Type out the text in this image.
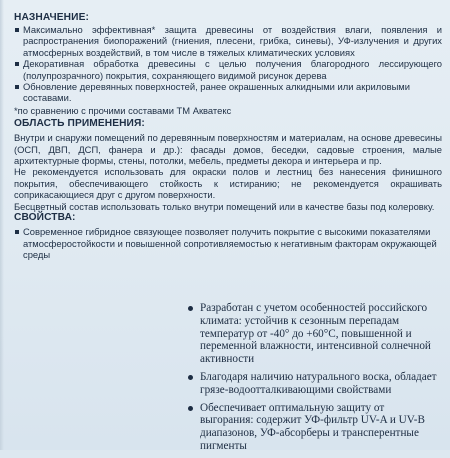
НАЗНАЧЕНИЕ:
Максимально эффективная* защита древесины от воздействия влаги, появления и распространения биопоражений (гниения, плесени, грибка, синевы), УФ-излучения и других атмосферных воздействий, в том числе в тяжелых климатических условиях
Декоративная обработка древесины с целью получения благородного лессирующего (полупрозрачного) покрытия, сохраняющего видимой рисунок дерева
Обновление деревянных поверхностей, ранее окрашенных алкидными или акриловыми составами.
*по сравнению с прочими составами ТМ Акватекс
ОБЛАСТЬ ПРИМЕНЕНИЯ:
Внутри и снаружи помещений по деревянным поверхностям и материалам, на основе древесины (ОСП, ДВП, ДСП, фанера и др.): фасады домов, беседки, садовые строения, малые архитектурные формы, стены, потолки, мебель, предметы декора и интерьера и пр.
Не рекомендуется использовать для окраски полов и лестниц без нанесения финишного покрытия, обеспечивающего стойкость к истиранию; не рекомендуется окрашивать соприкасающиеся друг с другом поверхности.
Бесцветный состав использовать только внутри помещений или в качестве базы под колеровку.
СВОЙСТВА:
Современное гибридное связующее позволяет получить покрытие с высокими показателями атмосферостойкости и повышенной сопротивляемостью к негативным факторам окружающей среды
Разработан с учетом особенностей российского климата: устойчив к сезонным перепадам температур от -40° до +60°С, повышенной и переменной влажности, интенсивной солнечной активности
Благодаря наличию натурального воска, обладает грязе-водоотталкивающими свойствами
Обеспечивает оптимальную защиту от выгорания: содержит УФ-фильтр UV-A и UV-B диапазонов, УФ-абсорберы и трансперентные пигменты
